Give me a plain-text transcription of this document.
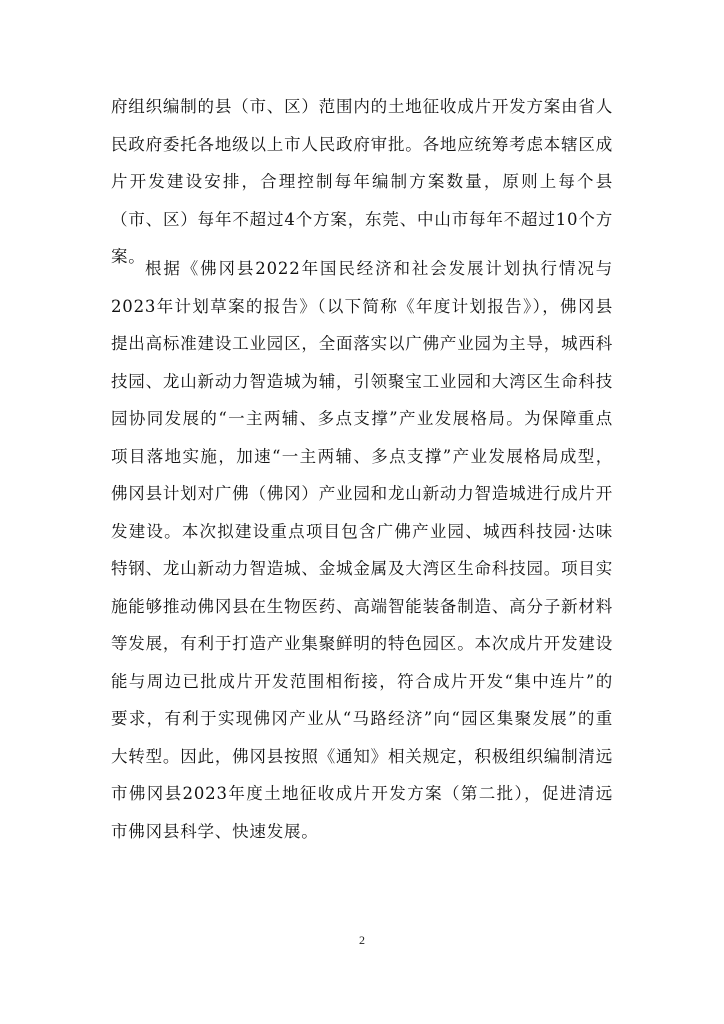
府组织编制的县（市、区）范围内的土地征收成片开发方案由省人民政府委托各地级以上市人民政府审批。各地应统筹考虑本辖区成片开发建设安排，合理控制每年编制方案数量，原则上每个县（市、区）每年不超过4个方案，东莞、中山市每年不超过10个方案。

根据《佛冈县2022年国民经济和社会发展计划执行情况与2023年计划草案的报告》（以下简称《年度计划报告》），佛冈县提出高标准建设工业园区，全面落实以广佛产业园为主导，城西科技园、龙山新动力智造城为辅，引领聚宝工业园和大湾区生命科技园协同发展的“一主两辅、多点支撑”产业发展格局。为保障重点项目落地实施，加速“一主两辅、多点支撑”产业发展格局成型，佛冈县计划对广佛（佛冈）产业园和龙山新动力智造城进行成片开发建设。本次拟建设重点项目包含广佛产业园、城西科技园·达味特钢、龙山新动力智造城、金城金属及大湾区生命科技园。项目实施能够推动佛冈县在生物医药、高端智能装备制造、高分子新材料等发展，有利于打造产业集聚鲜明的特色园区。本次成片开发建设能与周边已批成片开发范围相衔接，符合成片开发“集中连片”的要求，有利于实现佛冈产业从“马路经济”向“园区集聚发展”的重大转型。因此，佛冈县按照《通知》相关规定，积极组织编制清远市佛冈县2023年度土地征收成片开发方案（第二批），促进清远市佛冈县科学、快速发展。

2
